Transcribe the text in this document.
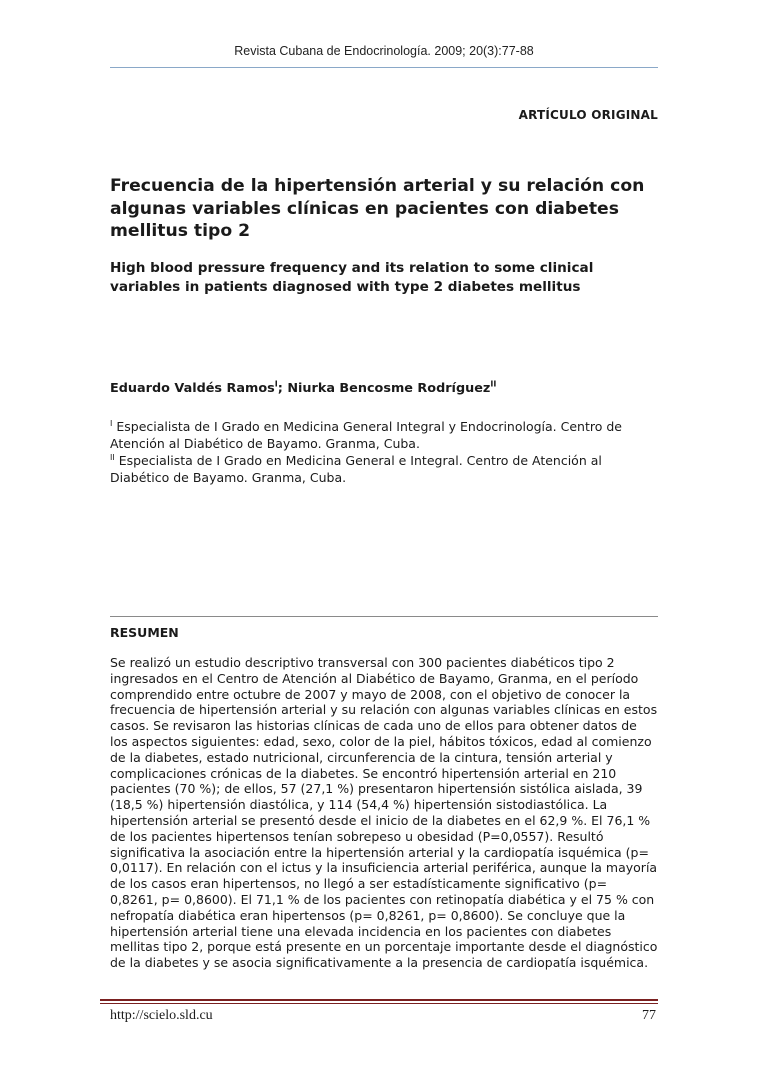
Revista Cubana de Endocrinología. 2009; 20(3):77-88
ARTÍCULO ORIGINAL
Frecuencia de la hipertensión arterial y su relación con algunas variables clínicas en pacientes con diabetes mellitus tipo 2
High blood pressure frequency and its relation to some clinical variables in patients diagnosed with type 2 diabetes mellitus
Eduardo Valdés Ramos$^I$; Niurka Bencosme Rodríguez$^{II}$

$^I$ Especialista de I Grado en Medicina General Integral y Endocrinología. Centro de Atención al Diabético de Bayamo. Granma, Cuba.

$^{II}$ Especialista de I Grado en Medicina General e Integral. Centro de Atención al Diabético de Bayamo. Granma, Cuba.

RESUMEN

Se realizó un estudio descriptivo transversal con 300 pacientes diabéticos tipo 2 ingresados en el Centro de Atención al Diabético de Bayamo, Granma, en el período comprendido entre octubre de 2007 y mayo de 2008, con el objetivo de conocer la frecuencia de hipertensión arterial y su relación con algunas variables clínicas en estos casos. Se revisaron las historias clínicas de cada uno de ellos para obtener datos de los aspectos siguientes: edad, sexo, color de la piel, hábitos tóxicos, edad al comienzo de la diabetes, estado nutricional, circunferencia de la cintura, tensión arterial y complicaciones crónicas de la diabetes. Se encontró hipertensión arterial en 210 pacientes (70 %); de ellos, 57 (27,1 %) presentaron hipertensión sistólica aislada, 39 (18,5 %) hipertensión diastólica, y 114 (54,4 %) hipertensión sistodiastólica. La hipertensión arterial se presentó desde el inicio de la diabetes en el 62,9 %. El 76,1 % de los pacientes hipertensos tenían sobrepeso u obesidad (P=0,0557). Resultó significativa la asociación entre la hipertensión arterial y la cardiopatía isquémica (p= 0,0117). En relación con el ictus y la insuficiencia arterial periférica, aunque la mayoría de los casos eran hipertensos, no llegó a ser estadísticamente significativo (p= 0,8261, p= 0,8600). El 71,1 % de los pacientes con retinopatía diabética y el 75 % con nefropatía diabética eran hipertensos (p= 0,8261, p= 0,8600). Se concluye que la hipertensión arterial tiene una elevada incidencia en los pacientes con diabetes mellitas tipo 2, porque está presente en un porcentaje importante desde el diagnóstico de la diabetes y se asocia significativamente a la presencia de cardiopatía isquémica.

http://scielo.sld.cu	77
